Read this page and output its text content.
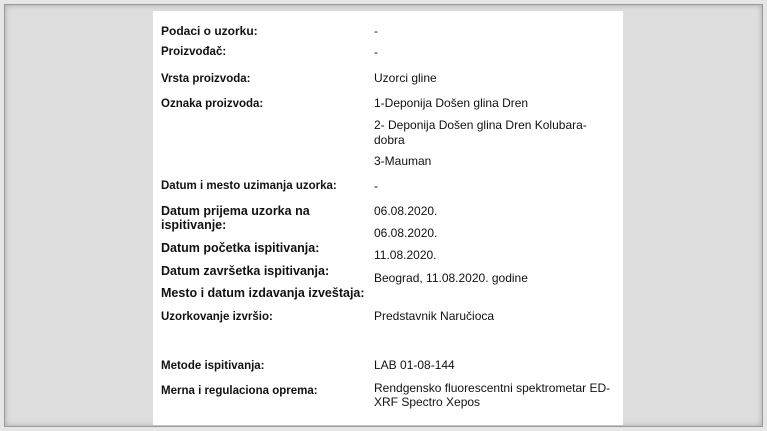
Podaci o uzorku:	-
Proizvođač:	-
Vrsta proizvoda:	Uzorci gline
Oznaka proizvoda:	1-Deponija Došen glina Dren
2- Deponija Došen glina Dren Kolubara-
dobra
3-Mauman
Datum i mesto uzimanja uzorka:	-
Datum prijema uzorka na
ispitivanje:
06.08.2020.
Datum početka ispitivanja:
06.08.2020.
Datum završetka ispitivanja:
11.08.2020.
Mesto i datum izdavanja izveštaja:
Beograd, 11.08.2020. godine
Uzorkovanje izvršio:	Predstavnik Naručioca
Metode ispitivanja:	LAB 01-08-144
Merna i regulaciona oprema:	Rendgensko fluorescentni spektrometar ED-
XRF Spectro Xepos
